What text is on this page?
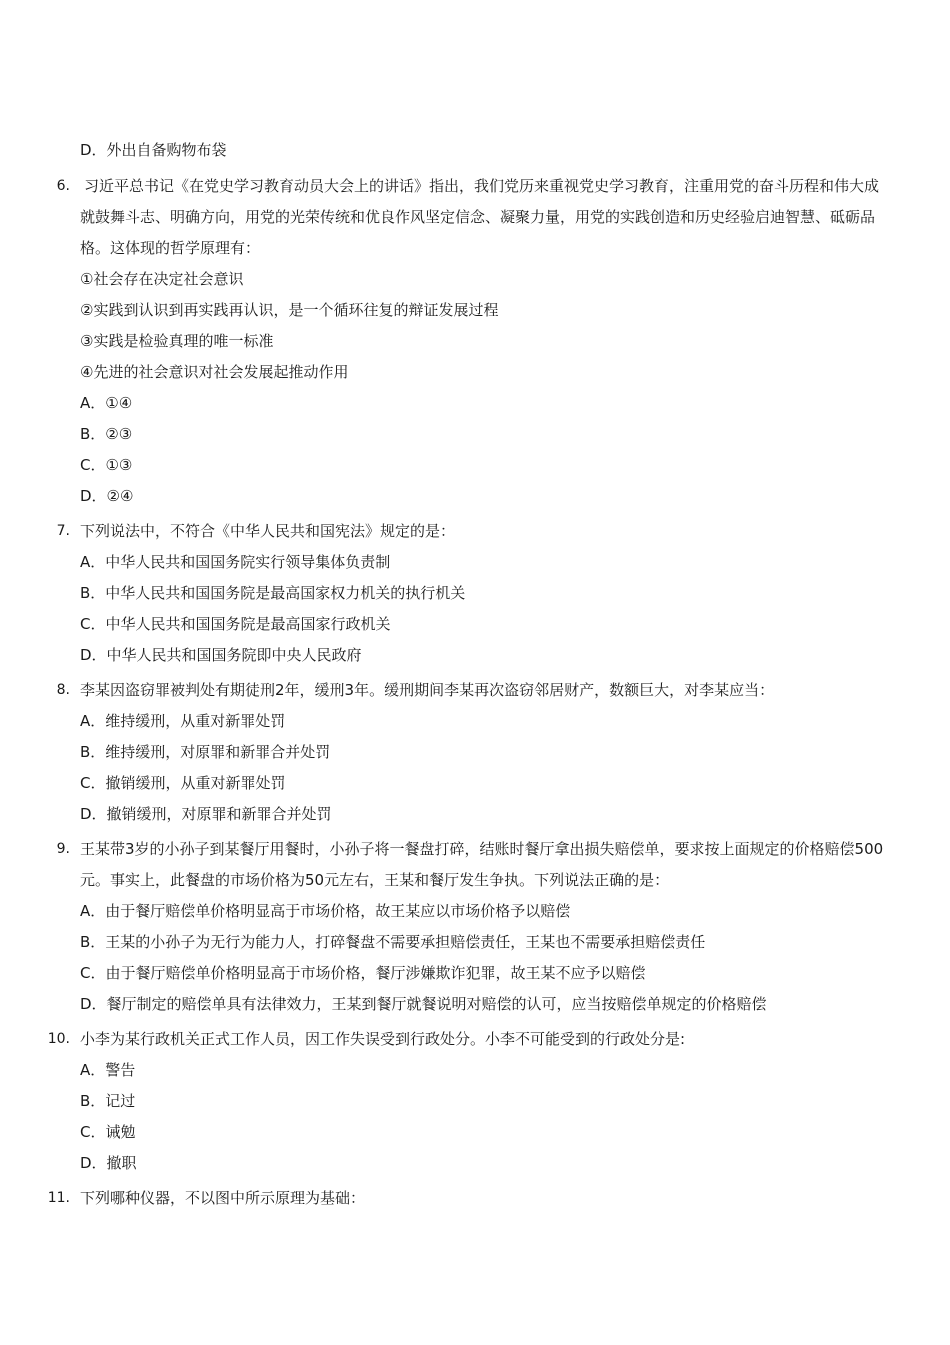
D．外出自备购物布袋
6. 习近平总书记《在党史学习教育动员大会上的讲话》指出，我们党历来重视党史学习教育，注重用党的奋斗历程和伟大成
就鼓舞斗志、明确方向，用党的光荣传统和优良作风坚定信念、凝聚力量，用党的实践创造和历史经验启迪智慧、砥砺品
格。这体现的哲学原理有：
①社会存在决定社会意识
②实践到认识到再实践再认识，是一个循环往复的辩证发展过程
③实践是检验真理的唯一标准
④先进的社会意识对社会发展起推动作用
A．①④
B．②③
C．①③
D．②④
7. 下列说法中，不符合《中华人民共和国宪法》规定的是：
A．中华人民共和国国务院实行领导集体负责制
B．中华人民共和国国务院是最高国家权力机关的执行机关
C．中华人民共和国国务院是最高国家行政机关
D．中华人民共和国国务院即中央人民政府
8. 李某因盗窃罪被判处有期徒刑2年，缓刑3年。缓刑期间李某再次盗窃邻居财产，数额巨大，对李某应当：
A．维持缓刑，从重对新罪处罚
B．维持缓刑，对原罪和新罪合并处罚
C．撤销缓刑，从重对新罪处罚
D．撤销缓刑，对原罪和新罪合并处罚
9. 王某带3岁的小孙子到某餐厅用餐时，小孙子将一餐盘打碎，结账时餐厅拿出损失赔偿单，要求按上面规定的价格赔偿500
元。事实上，此餐盘的市场价格为50元左右，王某和餐厅发生争执。下列说法正确的是：
A．由于餐厅赔偿单价格明显高于市场价格，故王某应以市场价格予以赔偿
B．王某的小孙子为无行为能力人，打碎餐盘不需要承担赔偿责任，王某也不需要承担赔偿责任
C．由于餐厅赔偿单价格明显高于市场价格，餐厅涉嫌欺诈犯罪，故王某不应予以赔偿
D．餐厅制定的赔偿单具有法律效力，王某到餐厅就餐说明对赔偿的认可，应当按赔偿单规定的价格赔偿
10. 小李为某行政机关正式工作人员，因工作失误受到行政处分。小李不可能受到的行政处分是:
A．警告
B．记过
C．诫勉
D．撤职
11. 下列哪种仪器，不以图中所示原理为基础：
